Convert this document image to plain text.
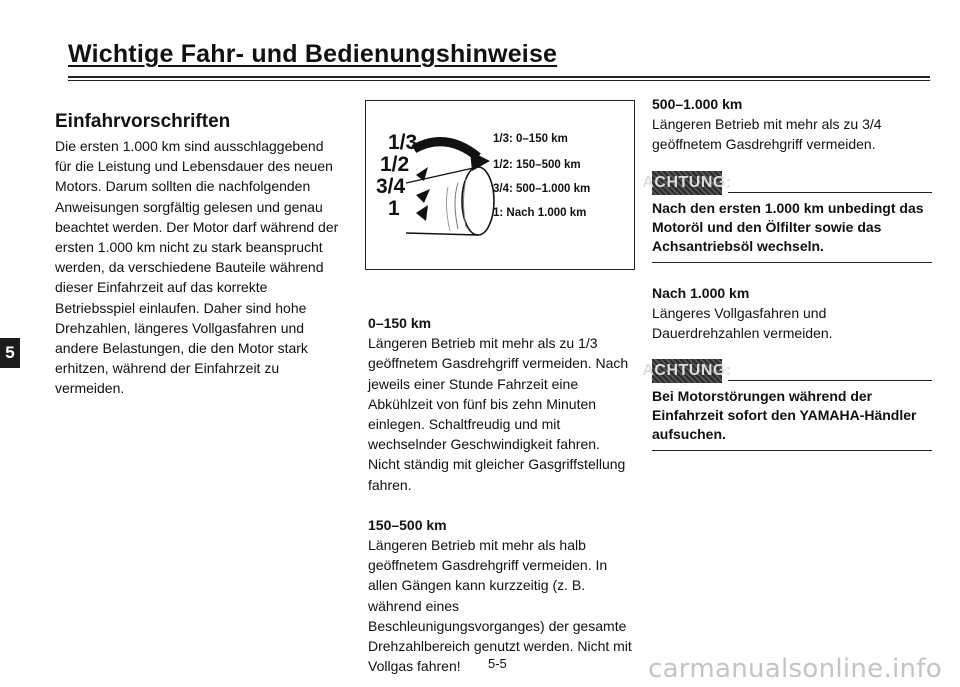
Wichtige Fahr- und Bedienungshinweise
5

Einfahrvorschriften

Die ersten 1.000 km sind ausschlaggebend für die Leistung und Lebensdauer des neuen Motors. Darum sollten die nachfolgenden Anweisungen sorgfältig gelesen und genau beachtet werden. Der Motor darf während der ersten 1.000 km nicht zu stark beansprucht werden, da verschiedene Bauteile während dieser Einfahrzeit auf das korrekte Betriebsspiel einlaufen. Daher sind hohe Drehzahlen, längeres Vollgasfahren und andere Belastungen, die den Motor stark erhitzen, während der Einfahrzeit zu vermeiden.

1/3
1/2
3/4
1
1/3: 0–150 km
1/2: 150–500 km
3/4: 500–1.000 km
1: Nach 1.000 km

0–150 km

Längeren Betrieb mit mehr als zu 1/3 geöffnetem Gasdrehgriff vermeiden. Nach jeweils einer Stunde Fahrzeit eine Abkühlzeit von fünf bis zehn Minuten einlegen. Schaltfreudig und mit wechselnder Geschwindigkeit fahren. Nicht ständig mit gleicher Gasgriffstellung fahren.

150–500 km

Längeren Betrieb mit mehr als halb geöffnetem Gasdrehgriff vermeiden. In allen Gängen kann kurzzeitig (z. B. während eines Beschleunigungsvorganges) der gesamte Drehzahlbereich genutzt werden. Nicht mit Vollgas fahren!

500–1.000 km

Längeren Betrieb mit mehr als zu 3/4 geöffnetem Gasdrehgriff vermeiden.

ACHTUNG:

Nach den ersten 1.000 km unbedingt das Motoröl und den Ölfilter sowie das Achsantriebsöl wechseln.

Nach 1.000 km

Längeres Vollgasfahren und Dauerdrehzahlen vermeiden.

ACHTUNG:

Bei Motorstörungen während der Einfahrzeit sofort den YAMAHA-Händler aufsuchen.

5-5	carmanualsonline.info
